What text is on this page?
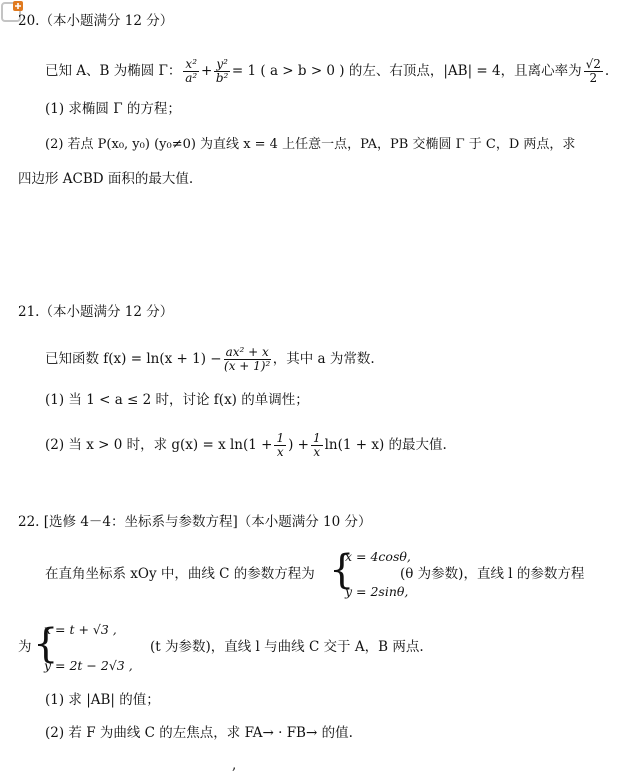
20.（本小题满分 12 分）
已知 A、B 为椭圆 Γ： $\frac{\text{x²}}{\text{a²}} + \frac{\text{y²}}{\text{b²}} = 1$ ( a > b > 0 ) 的左、右顶点，|AB| = 4，且离心率为 $\frac{√2}{2}$ .
(1) 求椭圆 Γ 的方程；
(2) 若点 P(x₀, y₀) (y₀≠0) 为直线 x = 4 上任意一点，PA，PB 交椭圆 Γ 于 C，D 两点，求
四边形 ACBD 面积的最大值.
21.（本小题满分 12 分）
已知函数 $f(x) = \ln(x + 1) - \frac{\text{ax² + x}}{\text{(x + 1)²}}$ ，其中 a 为常数.
(1) 当 1 < a ≤ 2 时，讨论 f(x) 的单调性；
(2) 当 x > 0 时，求 g(x) = x $\ln(1 + \frac{1}{x}$ ) + $\frac{1}{x} \ln(1 + x)$ 的最大值.
22. [选修 4－4：坐标系与参数方程]（本小题满分 10 分）
在直角坐标系 xOy 中，曲线 C 的参数方程为 {
x = 4cosθ,
y = 2sinθ,
(θ 为参数)，直线 l 的参数方程
为 {
x = t + √3 ,
y = 2t − 2√3 ,
(t 为参数)，直线 l 与曲线 C 交于 A，B 两点.
(1) 求 |AB| 的值；
(2) 若 F 为曲线 C 的左焦点，求 FA→ · FB→ 的值.
,
